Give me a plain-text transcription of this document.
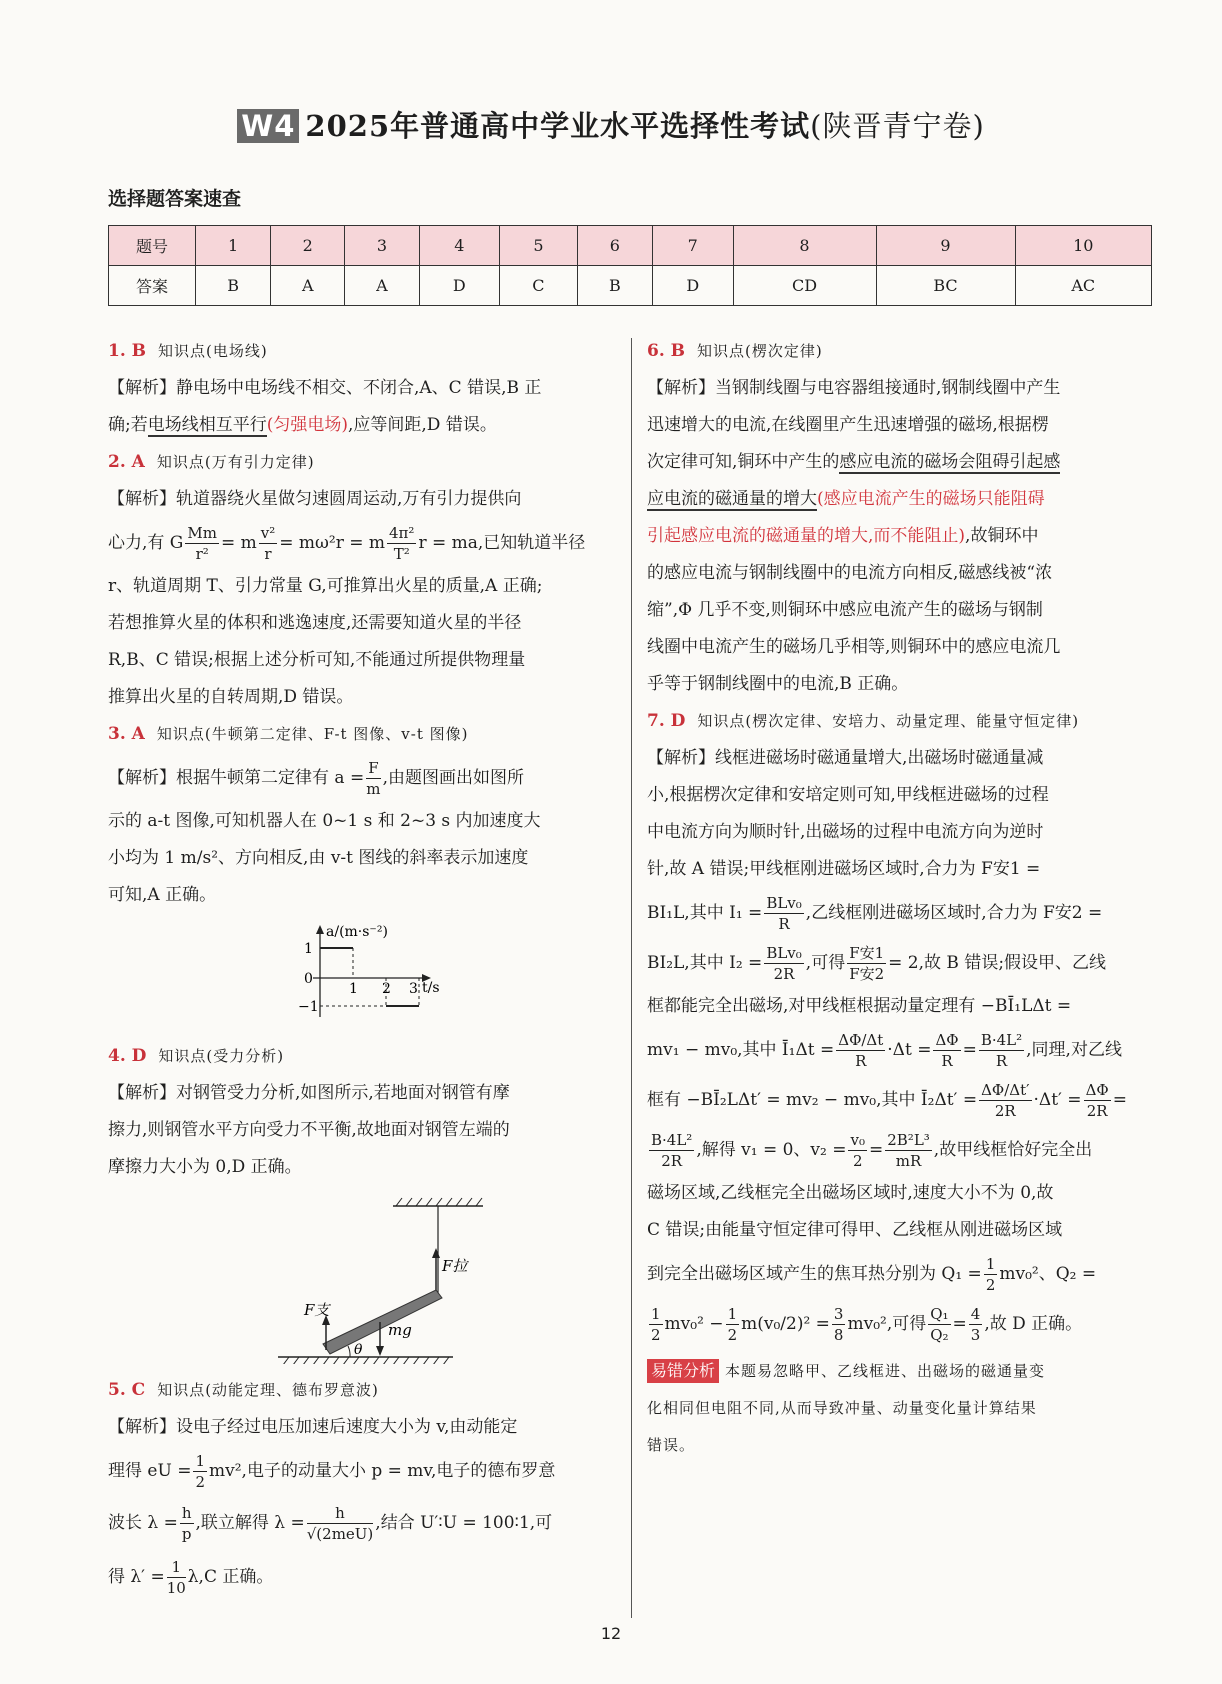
W4 2025年普通高中学业水平选择性考试(陕晋青宁卷)
选择题答案速查
题号	1	2	3	4	5	6	7	8	9	10
答案	B	A	A	D	C	B	D	CD	BC	AC

1. B 知识点(电场线)

【解析】静电场中电场线不相交、不闭合,A、C 错误,B 正

确;若电场线相互平行(匀强电场),应等间距,D 错误。

2. A 知识点(万有引力定律)

【解析】轨道器绕火星做匀速圆周运动,万有引力提供向

心力,有 G $\frac{Mm}{\text{r²}} = m \frac{\text{v²}}{r} = m\omega^2r = m \frac{\text{4π²}}{\text{T²}}$ r = ma,已知轨道半径

r、轨道周期 T、引力常量 G,可推算出火星的质量,A 正确;

若想推算火星的体积和逃逸速度,还需要知道火星的半径

R,B、C 错误;根据上述分析可知,不能通过所提供物理量

推算出火星的自转周期,D 错误。

3. A 知识点(牛顿第二定律、F-t 图像、v-t 图像)

【解析】根据牛顿第二定律有 $a = \frac{F}{m}$ ,由题图画出如图所

示的 a-t 图像,可知机器人在 0~1 s 和 2~3 s 内加速度大

小均为 1 m/s²、方向相反,由 v-t 图线的斜率表示加速度

可知,A 正确。

a/(m·s⁻²)
t/s
1
0
−1
1 2 3

4. D 知识点(受力分析)

【解析】对钢管受力分析,如图所示,若地面对钢管有摩

擦力,则钢管水平方向受力不平衡,故地面对钢管左端的

摩擦力大小为 0,D 正确。

F拉
F支
mg
θ

5. C 知识点(动能定理、德布罗意波)

【解析】设电子经过电压加速后速度大小为 v,由动能定

理得 eU = $\frac{1}{2} mv^2$,电子的动量大小 p = mv,电子的德布罗意

波长 $\lambda = \frac{h}{p}$ ,联立解得 $\lambda = \frac{h}{\text{√(2meU)}}$ ,结合 U′∶U = 100∶1,可

得 $\lambda' = \frac{1}{10} \lambda,C$ 正确。

6. B 知识点(楞次定律)

【解析】当钢制线圈与电容器组接通时,钢制线圈中产生

迅速增大的电流,在线圈里产生迅速增强的磁场,根据楞

次定律可知,铜环中产生的感应电流的磁场会阻碍引起感

应电流的磁通量的增大(感应电流产生的磁场只能阻碍

引起感应电流的磁通量的增大,而不能阻止),故铜环中

的感应电流与钢制线圈中的电流方向相反,磁感线被“浓

缩”,Φ 几乎不变,则铜环中感应电流产生的磁场与钢制

线圈中电流产生的磁场几乎相等,则铜环中的感应电流几

乎等于钢制线圈中的电流,B 正确。

7. D 知识点(楞次定律、安培力、动量定理、能量守恒定律)

【解析】线框进磁场时磁通量增大,出磁场时磁通量减

小,根据楞次定律和安培定则可知,甲线框进磁场的过程

中电流方向为顺时针,出磁场的过程中电流方向为逆时

针,故 A 错误;甲线框刚进磁场区域时,合力为 F安1 =

BI₁L,其中 $I_1 = \frac{\text{BLv₀}}{R}$ ,乙线框刚进磁场区域时,合力为 F安2 =

BI₂L,其中 $I_2 = \frac{\text{BLv₀}}{2R}$ ,可得 $\frac{\text{F安1}}{\text{F安2}} = 2$,故 B 错误;假设甲、乙线

框都能完全出磁场,对甲线框根据动量定理有 −BĪ₁LΔt =

mv₁ − mv₀,其中 Ī₁Δt = $\frac{\Delta\Phi/\Delta t}{R} \cdot\Delta t = \frac{\Delta\Phi}{R} = \frac{\text{B·4L²}}{R}$ ,同理,对乙线

框有 −BĪ₂LΔt′ = mv₂ − mv₀,其中 Ī₂Δt′ = $\frac{\Delta\Phi/\Delta t'}{2R} \cdot\Delta t' = \frac{\Delta\Phi}{2R}$ =

$\frac{\text{B·4L²}}{2R}$ ,解得 v₁ = 0、$v_2 = \frac{\text{v₀}}{2} = \frac{\text{2B²L³}}{mR}$ ,故甲线框恰好完全出

磁场区域,乙线框完全出磁场区域时,速度大小不为 0,故

C 错误;由能量守恒定律可得甲、乙线框从刚进磁场区域

到完全出磁场区域产生的焦耳热分别为 $Q_1 = \frac{1}{2} mv_0^2$、Q₂ =

$\frac{1}{2} mv_0^2 - \frac{1}{2} m(v_0/2)^2 = \frac{3}{8} mv_0^2$,可得 $\frac{\text{Q₁}}{\text{Q₂}} = \frac{4}{3}$ ,故 D 正确。

易错分析 本题易忽略甲、乙线框进、出磁场的磁通量变

化相同但电阻不同,从而导致冲量、动量变化量计算结果

错误。

12
